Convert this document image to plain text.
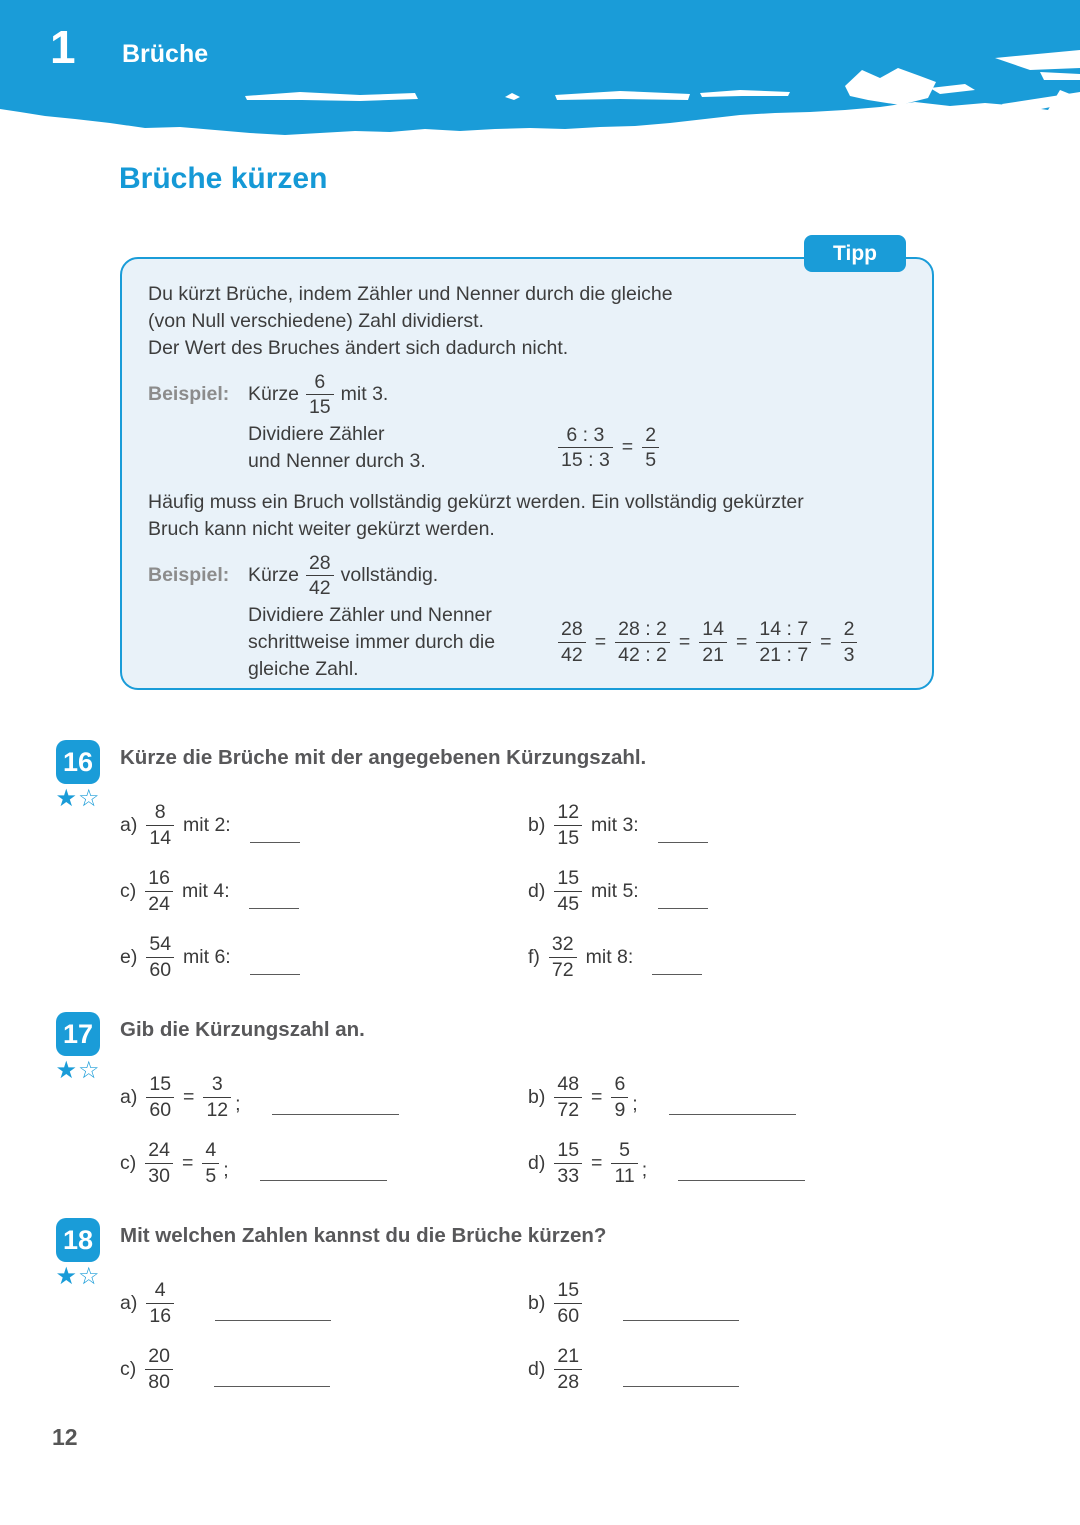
1 Brüche
Brüche kürzen
Tipp
Du kürzt Brüche, indem Zähler und Nenner durch die gleiche
(von Null verschiedene) Zahl dividierst.
Der Wert des Bruches ändert sich dadurch nicht.
Beispiel: Kürze $\frac{6}{15}$ mit 3.
Dividiere Zähler
und Nenner durch 3.	$\frac{6 : 3}{15 : 3} = \frac{2}{5}$
Häufig muss ein Bruch vollständig gekürzt werden. Ein vollständig gekürzter
Bruch kann nicht weiter gekürzt werden.
Beispiel: Kürze $\frac{28}{42}$ vollständig.
Dividiere Zähler und Nenner
schrittweise immer durch die
gleiche Zahl.
$\frac{28}{42} = \frac{28 : 2}{42 : 2} = \frac{14}{21} = \frac{14 : 7}{21 : 7} = \frac{2}{3}$
16
★☆
Kürze die Brüche mit der angegebenen Kürzungszahl.
$a) \frac{8}{14}$ mit 2:	$b) \frac{12}{15}$ mit 3:
$c) \frac{16}{24}$ mit 4:	$d) \frac{15}{45}$ mit 5:
$e) \frac{54}{60}$ mit 6:	$f) \frac{32}{72}$ mit 8:
17
★☆
Gib die Kürzungszahl an.
$a) \frac{15}{60} = \frac{3}{12}$ ;	$b) \frac{48}{72} = \frac{6}{9}$ ;
$c) \frac{24}{30} = \frac{4}{5}$ ;	$d) \frac{15}{33} = \frac{5}{11}$ ;
18
★☆
Mit welchen Zahlen kannst du die Brüche kürzen?
$a) \frac{4}{16}$	$b) \frac{15}{60}$
$c) \frac{20}{80}$	$d) \frac{21}{28}$
12
